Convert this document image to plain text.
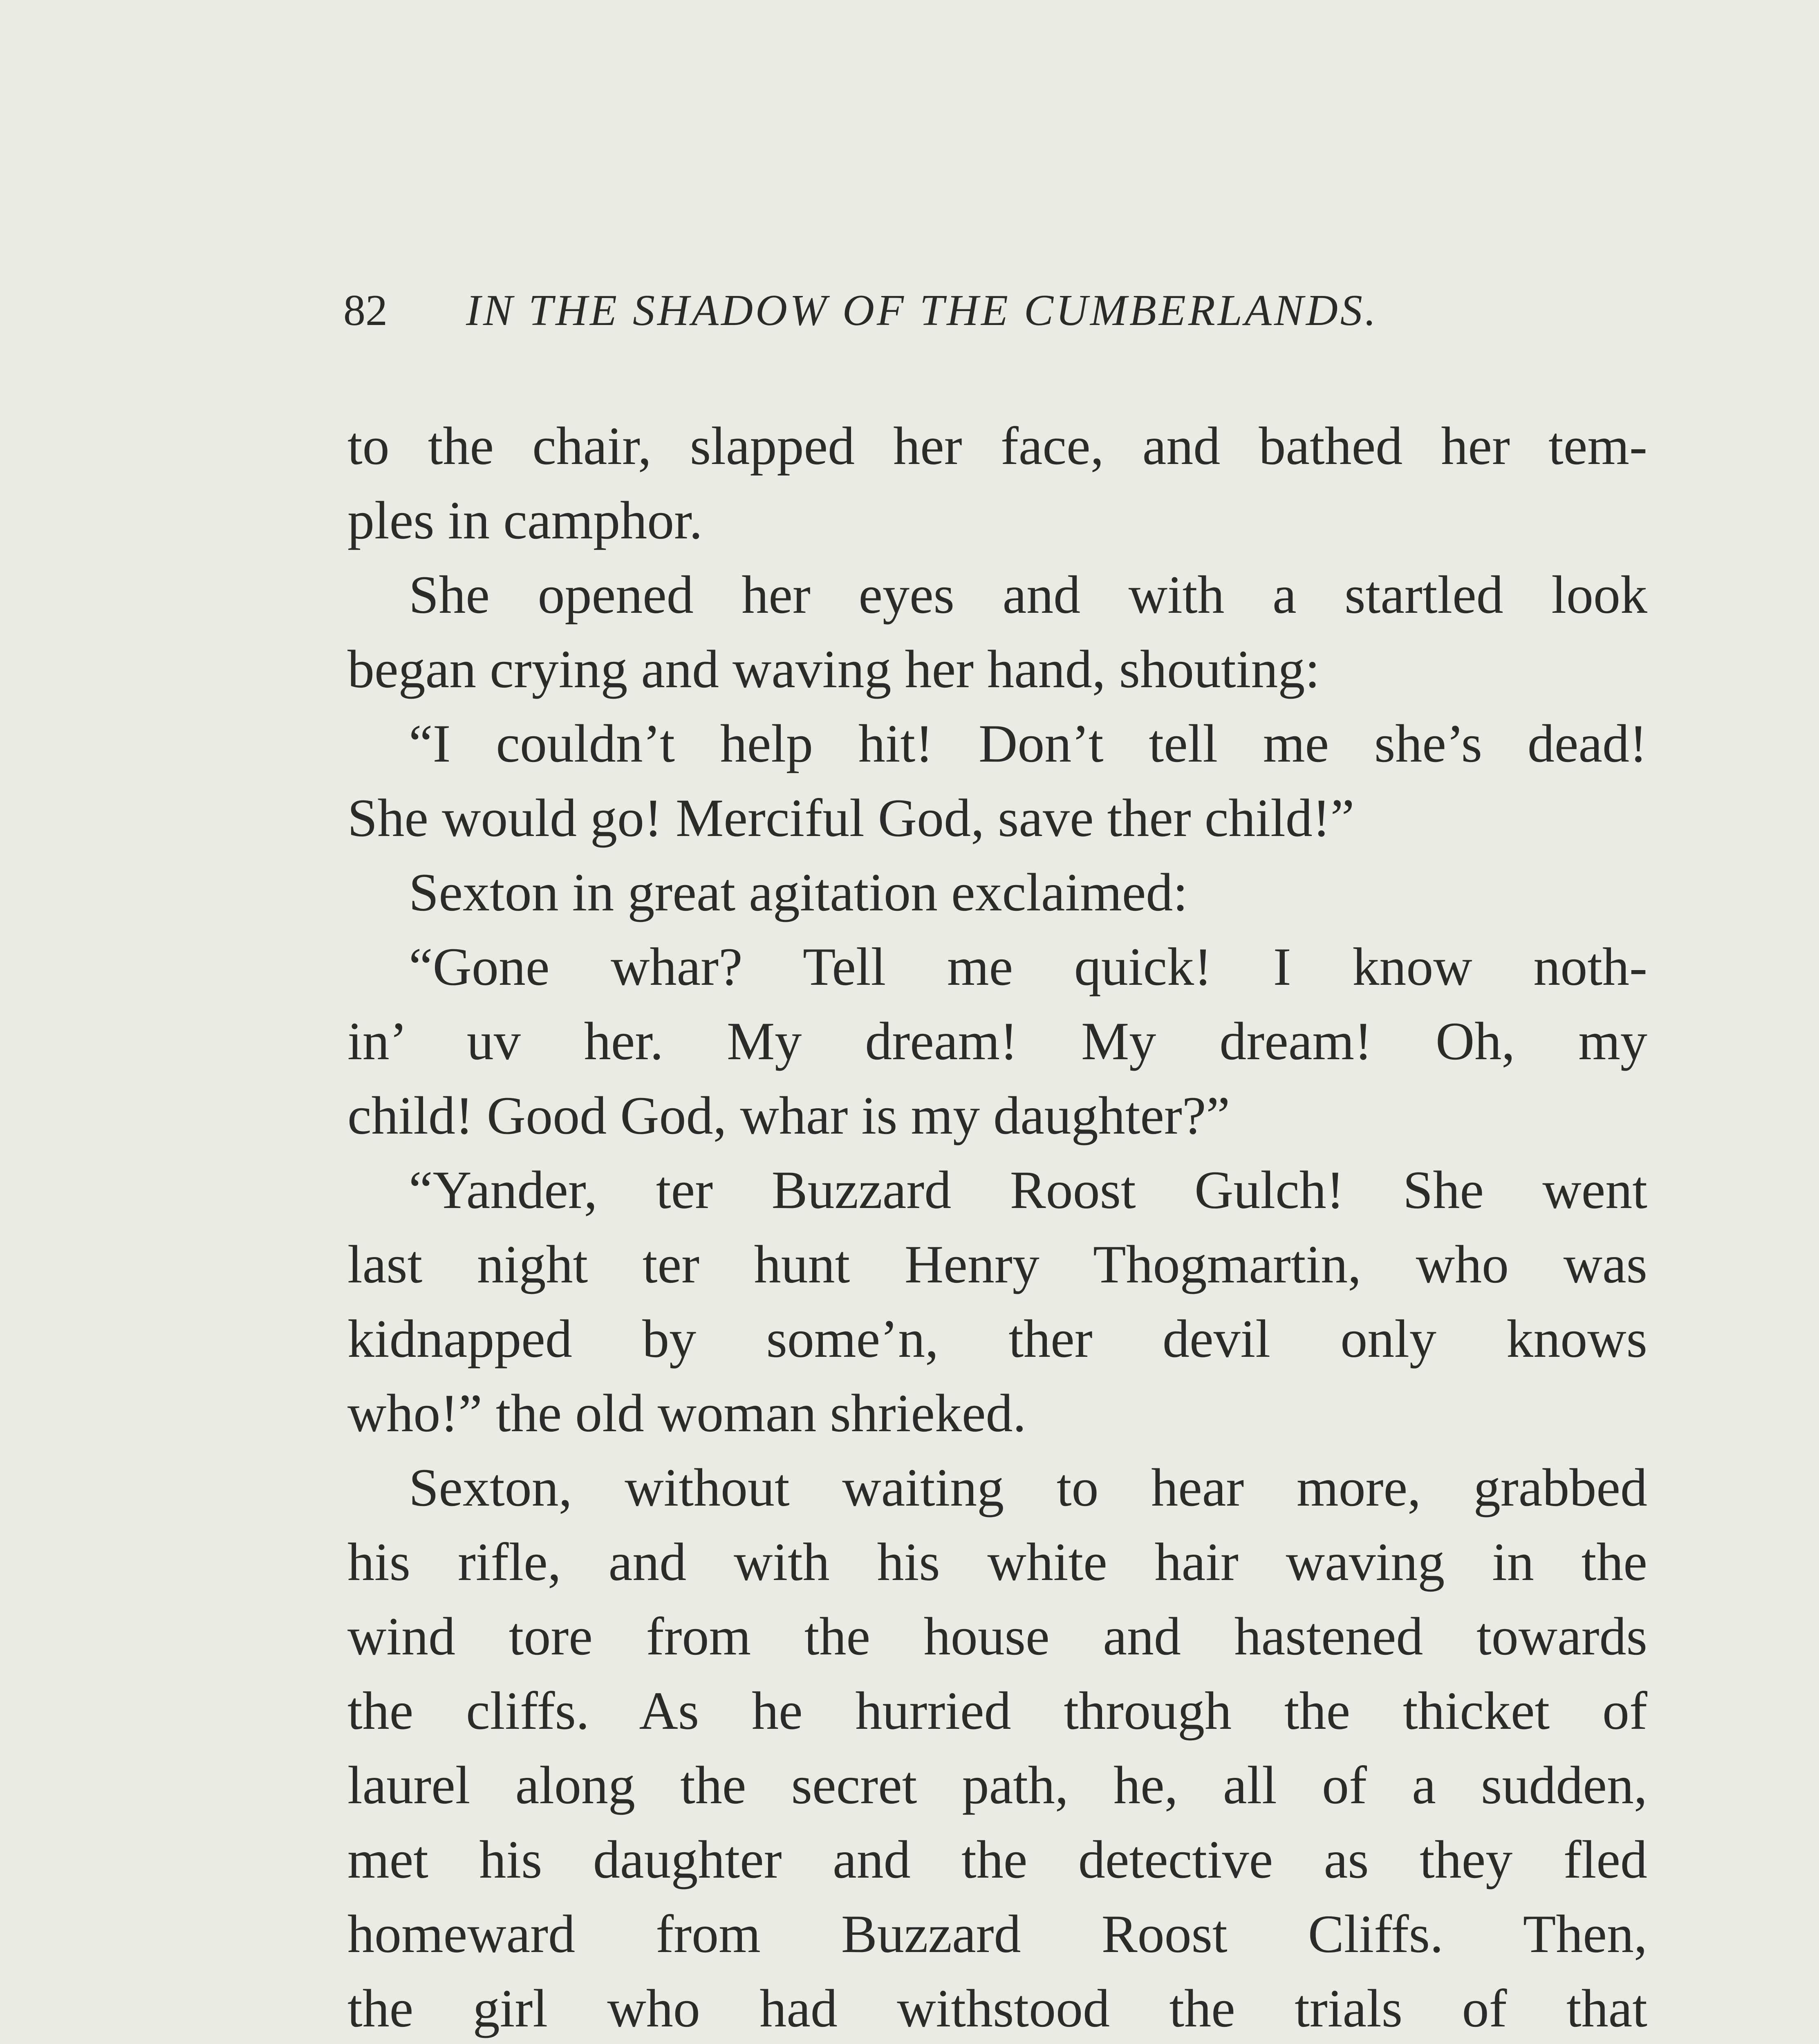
82 IN THE SHADOW OF THE CUMBERLANDS.
to the chair, slapped her face, and bathed her tem-
ples in camphor.
She opened her eyes and with a startled look
began crying and waving her hand, shouting:
“I couldn’t help hit! Don’t tell me she’s dead!
She would go! Merciful God, save ther child!”
Sexton in great agitation exclaimed:
“Gone whar? Tell me quick! I know noth-
in’ uv her. My dream! My dream! Oh, my
child! Good God, whar is my daughter?”
“Yander, ter Buzzard Roost Gulch! She went
last night ter hunt Henry Thogmartin, who was
kidnapped by some’n, ther devil only knows
who!” the old woman shrieked.
Sexton, without waiting to hear more, grabbed
his rifle, and with his white hair waving in the
wind tore from the house and hastened towards
the cliffs. As he hurried through the thicket of
laurel along the secret path, he, all of a sudden,
met his daughter and the detective as they fled
homeward from Buzzard Roost Cliffs. Then,
the girl who had withstood the trials of that
